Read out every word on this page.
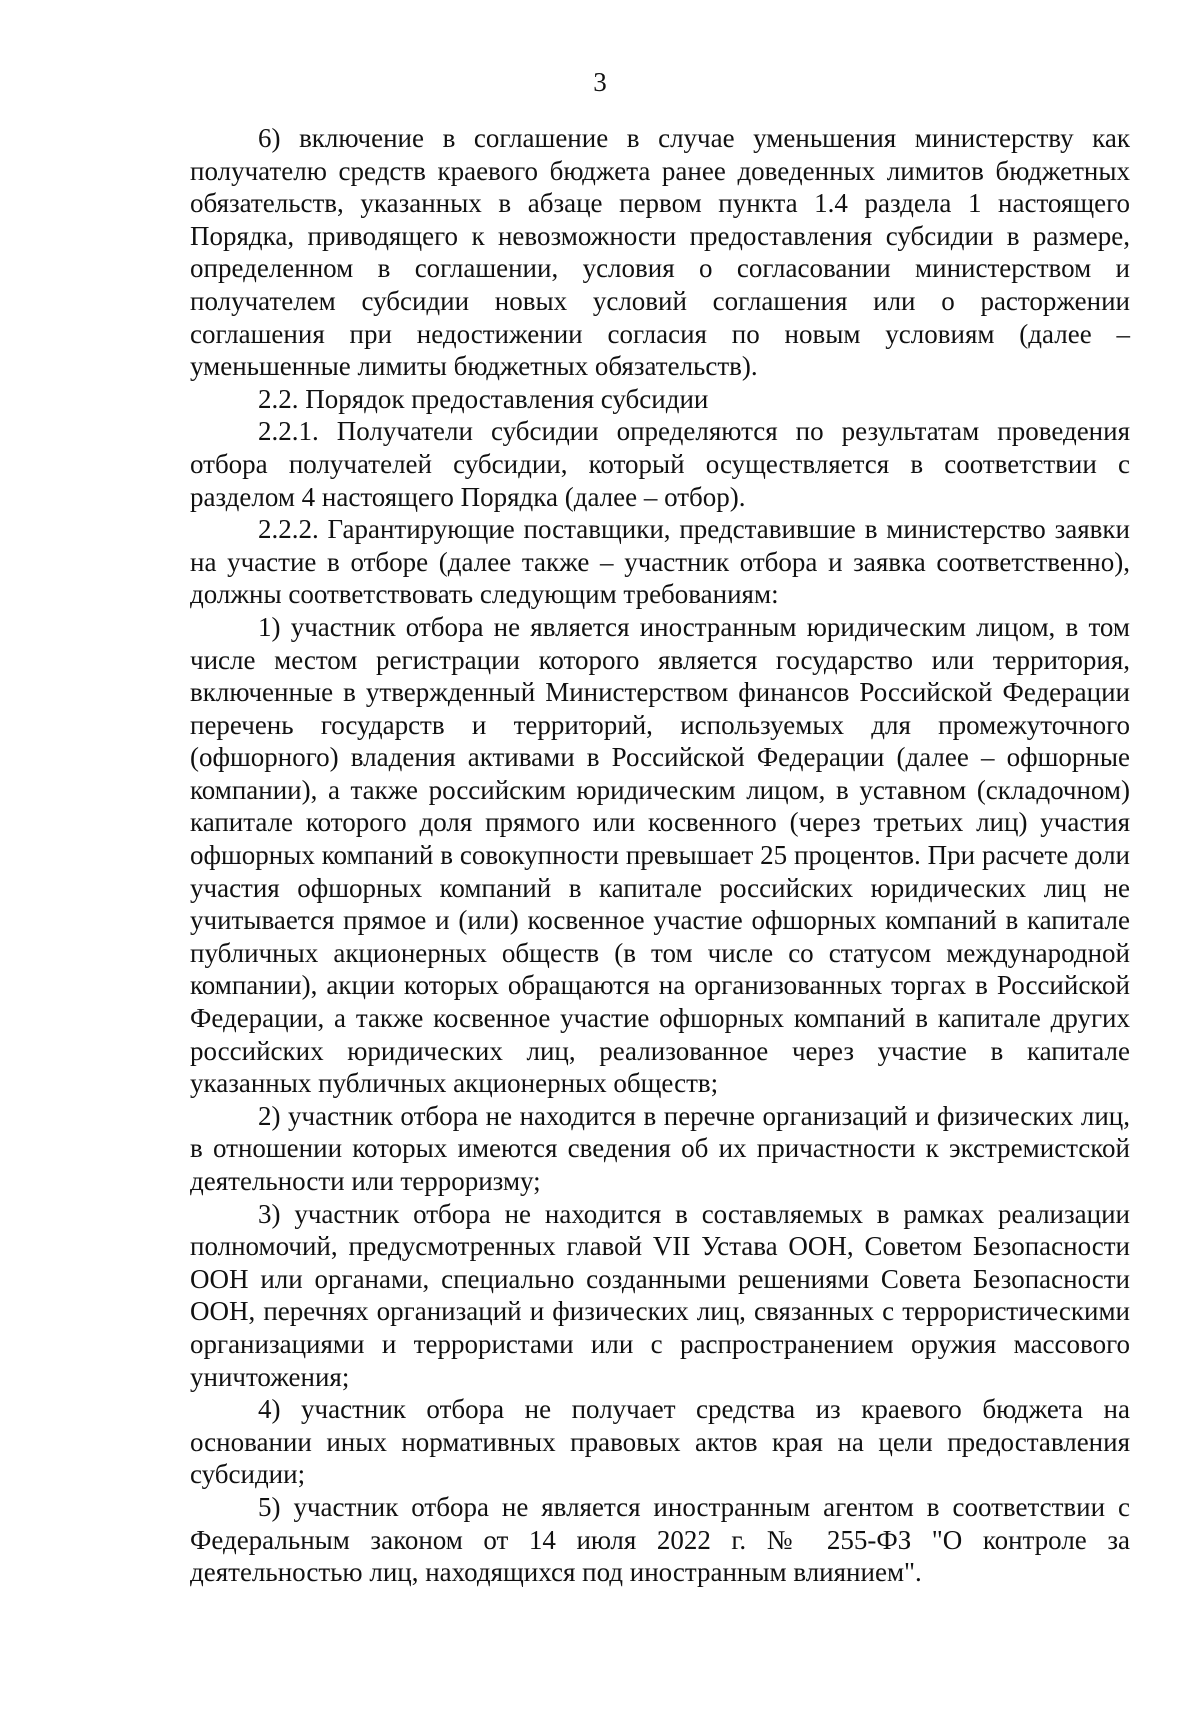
3

6) включение в соглашение в случае уменьшения министерству как получателю средств краевого бюджета ранее доведенных лимитов бюджетных обязательств, указанных в абзаце первом пункта 1.4 раздела 1 настоящего Порядка, приводящего к невозможности предоставления субсидии в размере, определенном в соглашении, условия о согласовании министерством и получателем субсидии новых условий соглашения или о расторжении соглашения при недостижении согласия по новым условиям (далее – уменьшенные лимиты бюджетных обязательств).

2.2. Порядок предоставления субсидии

2.2.1. Получатели субсидии определяются по результатам проведения отбора получателей субсидии, который осуществляется в соответствии с разделом 4 настоящего Порядка (далее – отбор).

2.2.2. Гарантирующие поставщики, представившие в министерство заявки на участие в отборе (далее также – участник отбора и заявка соответственно), должны соответствовать следующим требованиям:

1) участник отбора не является иностранным юридическим лицом, в том числе местом регистрации которого является государство или территория, включенные в утвержденный Министерством финансов Российской Федерации перечень государств и территорий, используемых для промежуточного (офшорного) владения активами в Российской Федерации (далее – офшорные компании), а также российским юридическим лицом, в уставном (складочном) капитале которого доля прямого или косвенного (через третьих лиц) участия офшорных компаний в совокупности превышает 25 процентов. При расчете доли участия офшорных компаний в капитале российских юридических лиц не учитывается прямое и (или) косвенное участие офшорных компаний в капитале публичных акционерных обществ (в том числе со статусом международной компании), акции которых обращаются на организованных торгах в Российской Федерации, а также косвенное участие офшорных компаний в капитале других российских юридических лиц, реализованное через участие в капитале указанных публичных акционерных обществ;

2) участник отбора не находится в перечне организаций и физических лиц, в отношении которых имеются сведения об их причастности к экстремистской деятельности или терроризму;

3) участник отбора не находится в составляемых в рамках реализации полномочий, предусмотренных главой VII Устава ООН, Советом Безопасности ООН или органами, специально созданными решениями Совета Безопасности ООН, перечнях организаций и физических лиц, связанных с террористическими организациями и террористами или с распространением оружия массового уничтожения;

4) участник отбора не получает средства из краевого бюджета на основании иных нормативных правовых актов края на цели предоставления субсидии;

5) участник отбора не является иностранным агентом в соответствии с Федеральным законом от 14 июля 2022 г. № 255-ФЗ "О контроле за деятельностью лиц, находящихся под иностранным влиянием".
